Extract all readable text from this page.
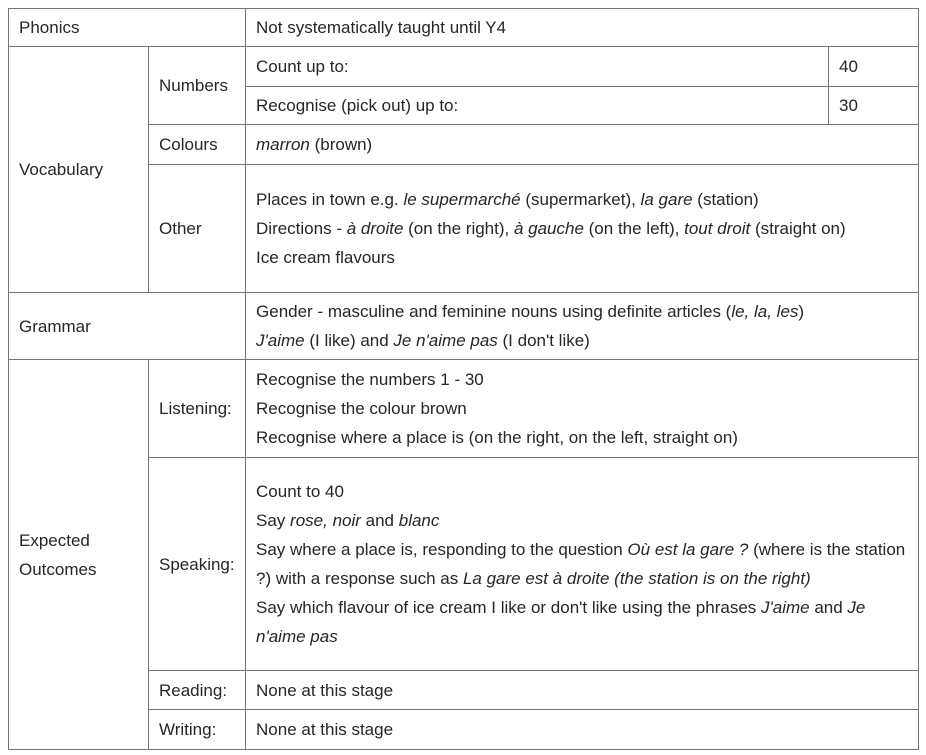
Phonics		Not systematically taught until Y4	

Vocabulary	Numbers	Count up to:	40
		Recognise (pick out) up to:	30
	Colours	marron (brown)	

	Other	Places in town e.g. le supermarché (supermarket), la gare (station)
Directions - à droite (on the right), à gauche (on the left), tout droit (straight on)
Ice cream flavours	

Grammar		Gender - masculine and feminine nouns using definite articles (le, la, les)
J'aime (I like) and Je n'aime pas (I don't like)	

Expected Outcomes	Listening:	Recognise the numbers 1 - 30
Recognise the colour brown
Recognise where a place is (on the right, on the left, straight on)	

	Speaking:	Count to 40
Say rose, noir and blanc
Say where a place is, responding to the question Où est la gare ? (where is the station ?) with a response such as La gare est à droite (the station is on the right)
Say which flavour of ice cream I like or don't like using the phrases J'aime and Je n'aime pas	

	Reading:	None at this stage	

	Writing:	None at this stage	
